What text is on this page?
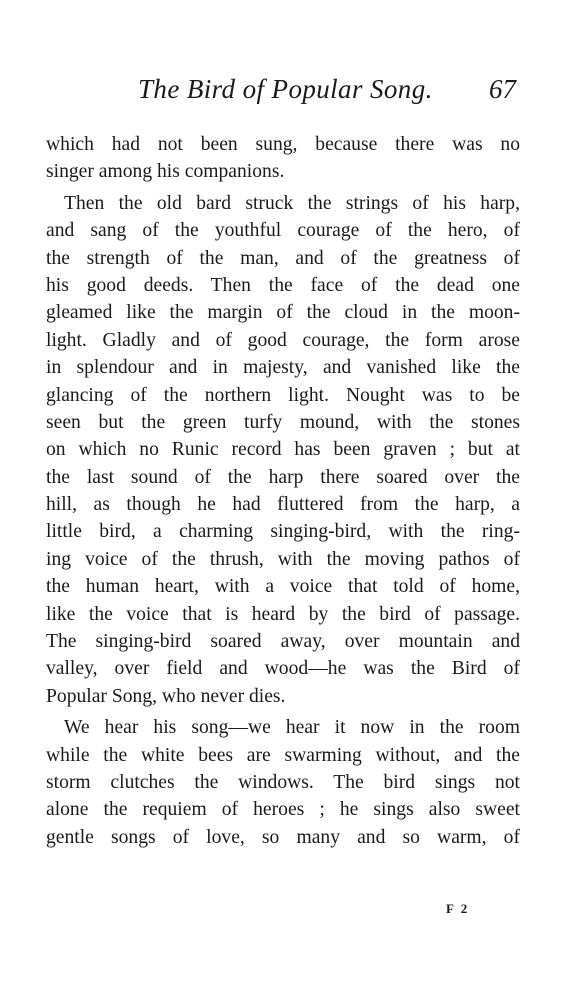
The Bird of Popular Song. 67
which had not been sung, because there was no
singer among his companions.
Then the old bard struck the strings of his harp,
and sang of the youthful courage of the hero, of
the strength of the man, and of the greatness of
his good deeds. Then the face of the dead one
gleamed like the margin of the cloud in the moon-
light. Gladly and of good courage, the form arose
in splendour and in majesty, and vanished like the
glancing of the northern light. Nought was to be
seen but the green turfy mound, with the stones
on which no Runic record has been graven ; but at
the last sound of the harp there soared over the
hill, as though he had fluttered from the harp, a
little bird, a charming singing-bird, with the ring-
ing voice of the thrush, with the moving pathos of
the human heart, with a voice that told of home,
like the voice that is heard by the bird of passage.
The singing-bird soared away, over mountain and
valley, over field and wood—he was the Bird of
Popular Song, who never dies.
We hear his song—we hear it now in the room
while the white bees are swarming without, and the
storm clutches the windows. The bird sings not
alone the requiem of heroes ; he sings also sweet
gentle songs of love, so many and so warm, of
F 2
